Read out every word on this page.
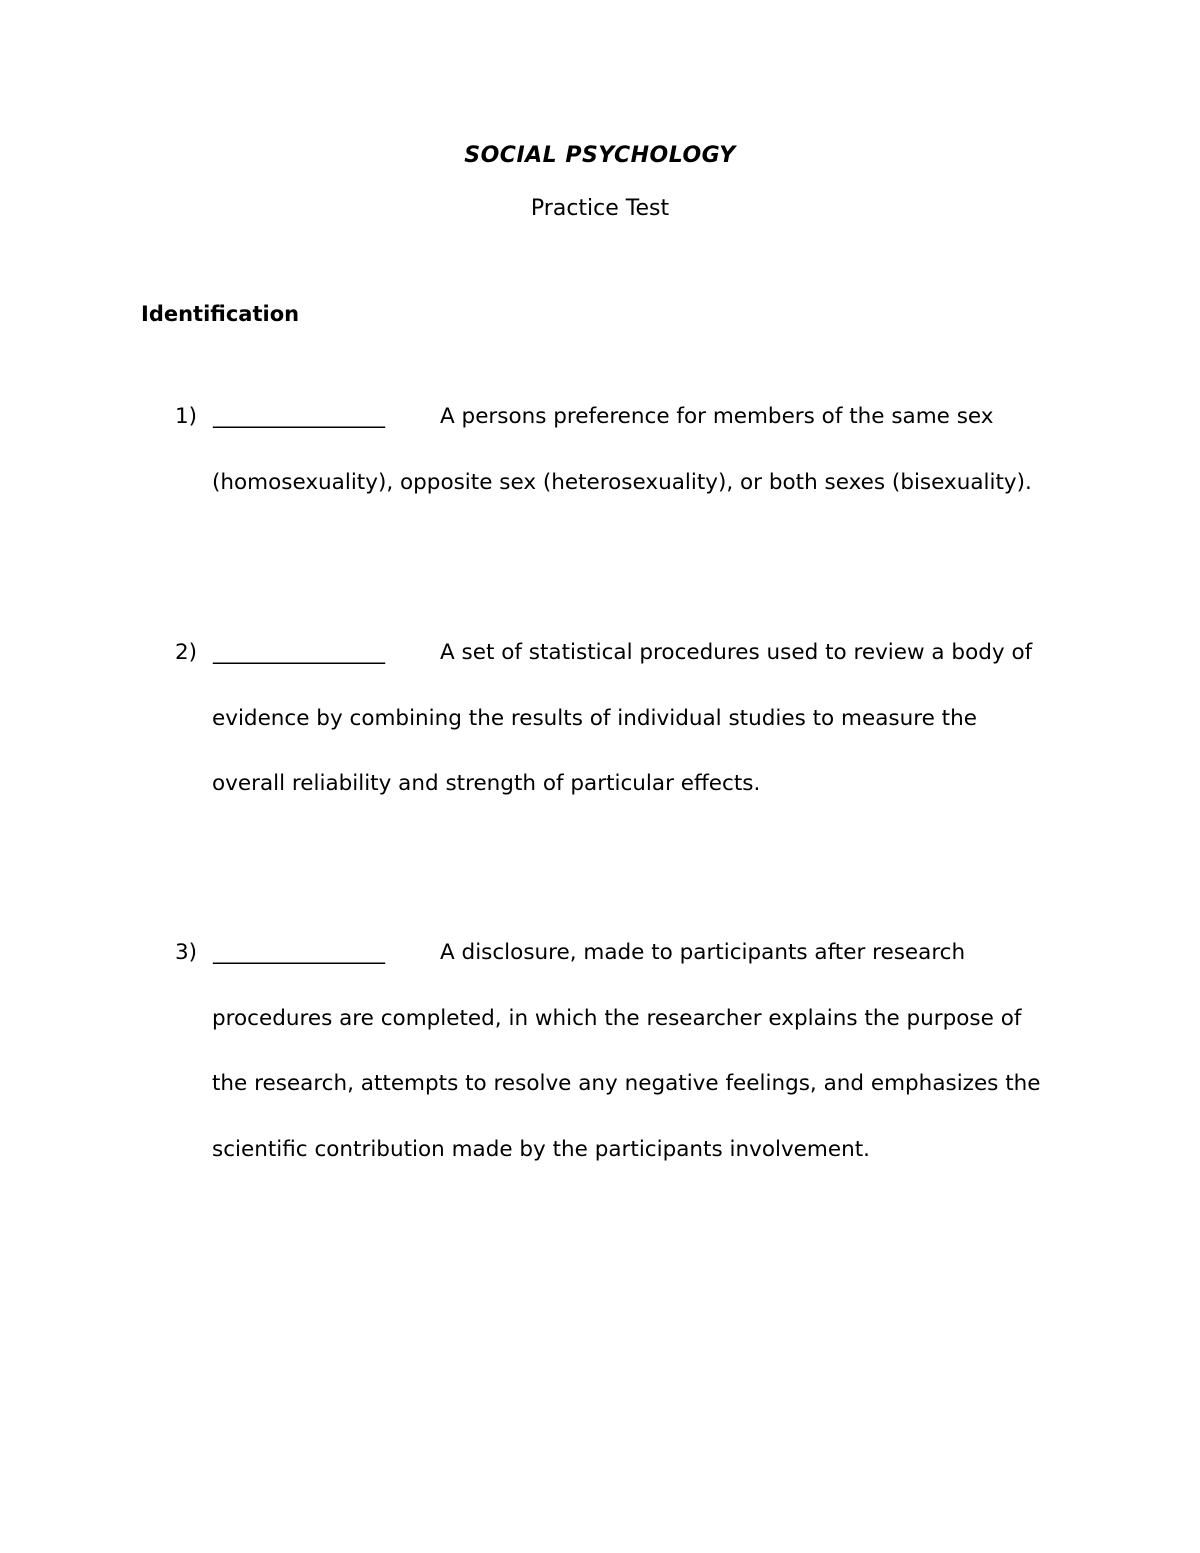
SOCIAL PSYCHOLOGY
Practice Test
Identification
1) ________________	A persons preference for members of the same sex
(homosexuality), opposite sex (heterosexuality), or both sexes (bisexuality).
2) ________________	A set of statistical procedures used to review a body of
evidence by combining the results of individual studies to measure the
overall reliability and strength of particular effects.
3) ________________	A disclosure, made to participants after research
procedures are completed, in which the researcher explains the purpose of
the research, attempts to resolve any negative feelings, and emphasizes the
scientific contribution made by the participants involvement.
